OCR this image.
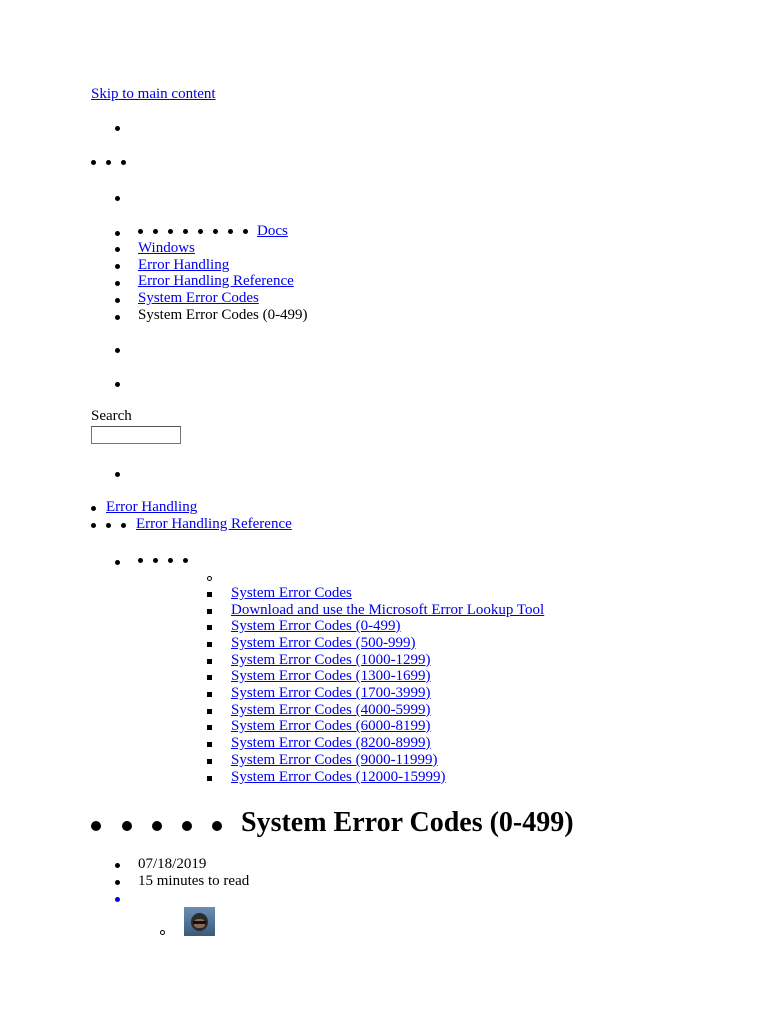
Skip to main content
Docs
Windows
Error Handling
Error Handling Reference
System Error Codes
System Error Codes (0-499)
Search
Error Handling
Error Handling Reference
System Error Codes
Download and use the Microsoft Error Lookup Tool
System Error Codes (0-499)
System Error Codes (500-999)
System Error Codes (1000-1299)
System Error Codes (1300-1699)
System Error Codes (1700-3999)
System Error Codes (4000-5999)
System Error Codes (6000-8199)
System Error Codes (8200-8999)
System Error Codes (9000-11999)
System Error Codes (12000-15999)
System Error Codes (0-499)
07/18/2019
15 minutes to read
